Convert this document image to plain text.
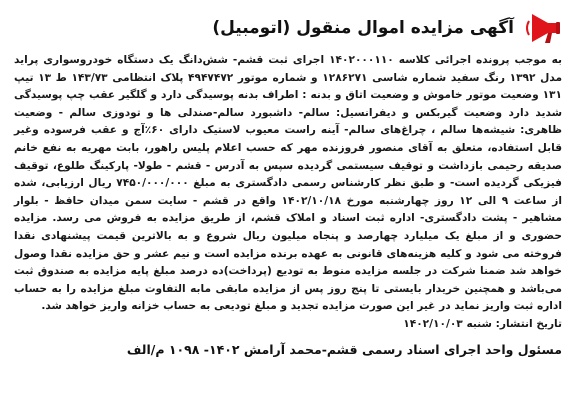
آگهی مزایده اموال منقول (اتومبیل)

به موجب پرونده اجرائی کلاسه ۱۴۰۲۰۰۰۱۱۰ اجرای ثبت قشم- شش‌دانگ یک دستگاه خودروسواری پراید مدل ۱۳۹۲ رنگ سفید شماره شاسی ۱۲۸۶۲۷۱ و شماره موتور ۴۹۴۷۴۷۲ پلاک انتظامی ۱۴۳/۷۳ ط ۱۳ تیپ ۱۳۱ وضعیت موتور خاموش و وضعیت اتاق و بدنه : اطراف بدنه پوسیدگی دارد و گلگیر عقب چپ پوسیدگی شدید دارد وضعیت گیربکس و دیفرانسیل: سالم- داشبورد سالم-صندلی ها و تودوزی سالم - وضعیت ظاهری: شیشه‌ها سالم ، چراغ‌های سالم- آینه راست معیوب لاستیک دارای ۶۰٪آج و عقب فرسوده وغیر قابل استفاده، متعلق به آقای منصور فروزنده مهر که حسب اعلام پلیس راهور، بابت مهریه به نفع خانم صدیقه رحیمی بازداشت و توقیف سیستمی گردیده سپس به آدرس - قشم - طولا- پارکینگ طلوع، توقیف فیزیکی گردیده است- و طبق نظر کارشناس رسمی دادگستری به مبلغ ۷۴۵۰/۰۰۰/۰۰۰ ریال ارزیابی، شده از ساعت ۹ الی ۱۲ روز چهارشنبه مورخ ۱۴۰۲/۱۰/۱۸ واقع در قشم - سایت سمن میدان حافظ - بلوار مشاهیر - پشت دادگستری- اداره ثبت اسناد و املاک قشم، از طریق مزایده به فروش می رسد. مزایده حضوری و از مبلغ یک میلیارد چهارصد و پنجاه میلیون ریال شروع و به بالاترین قیمت پیشنهادی نقدا فروخته می شود و کلیه هزینه‌های قانونی به عهده برنده مزایده است و نیم عشر و حق مزایده نقدا وصول خواهد شد ضمنا شرکت در جلسه مزایده منوط به تودیع (پرداخت)ده درصد مبلغ پایه مزایده به صندوق ثبت می‌باشد و همچنین خریدار بایستی تا پنج روز پس از مزایده مابقی مابه التفاوت مبلغ مزایده را به حساب اداره ثبت واریز نماید در غیر این صورت مزایده تجدید و مبلغ تودیعی به حساب خزانه واریز خواهد شد.

تاریخ انتشار: شنبه ۱۴۰۲/۱۰/۰۳
مسئول واحد اجرای اسناد رسمی قشم-محمد آرامش ۱۴۰۲- ۱۰۹۸ م/الف
